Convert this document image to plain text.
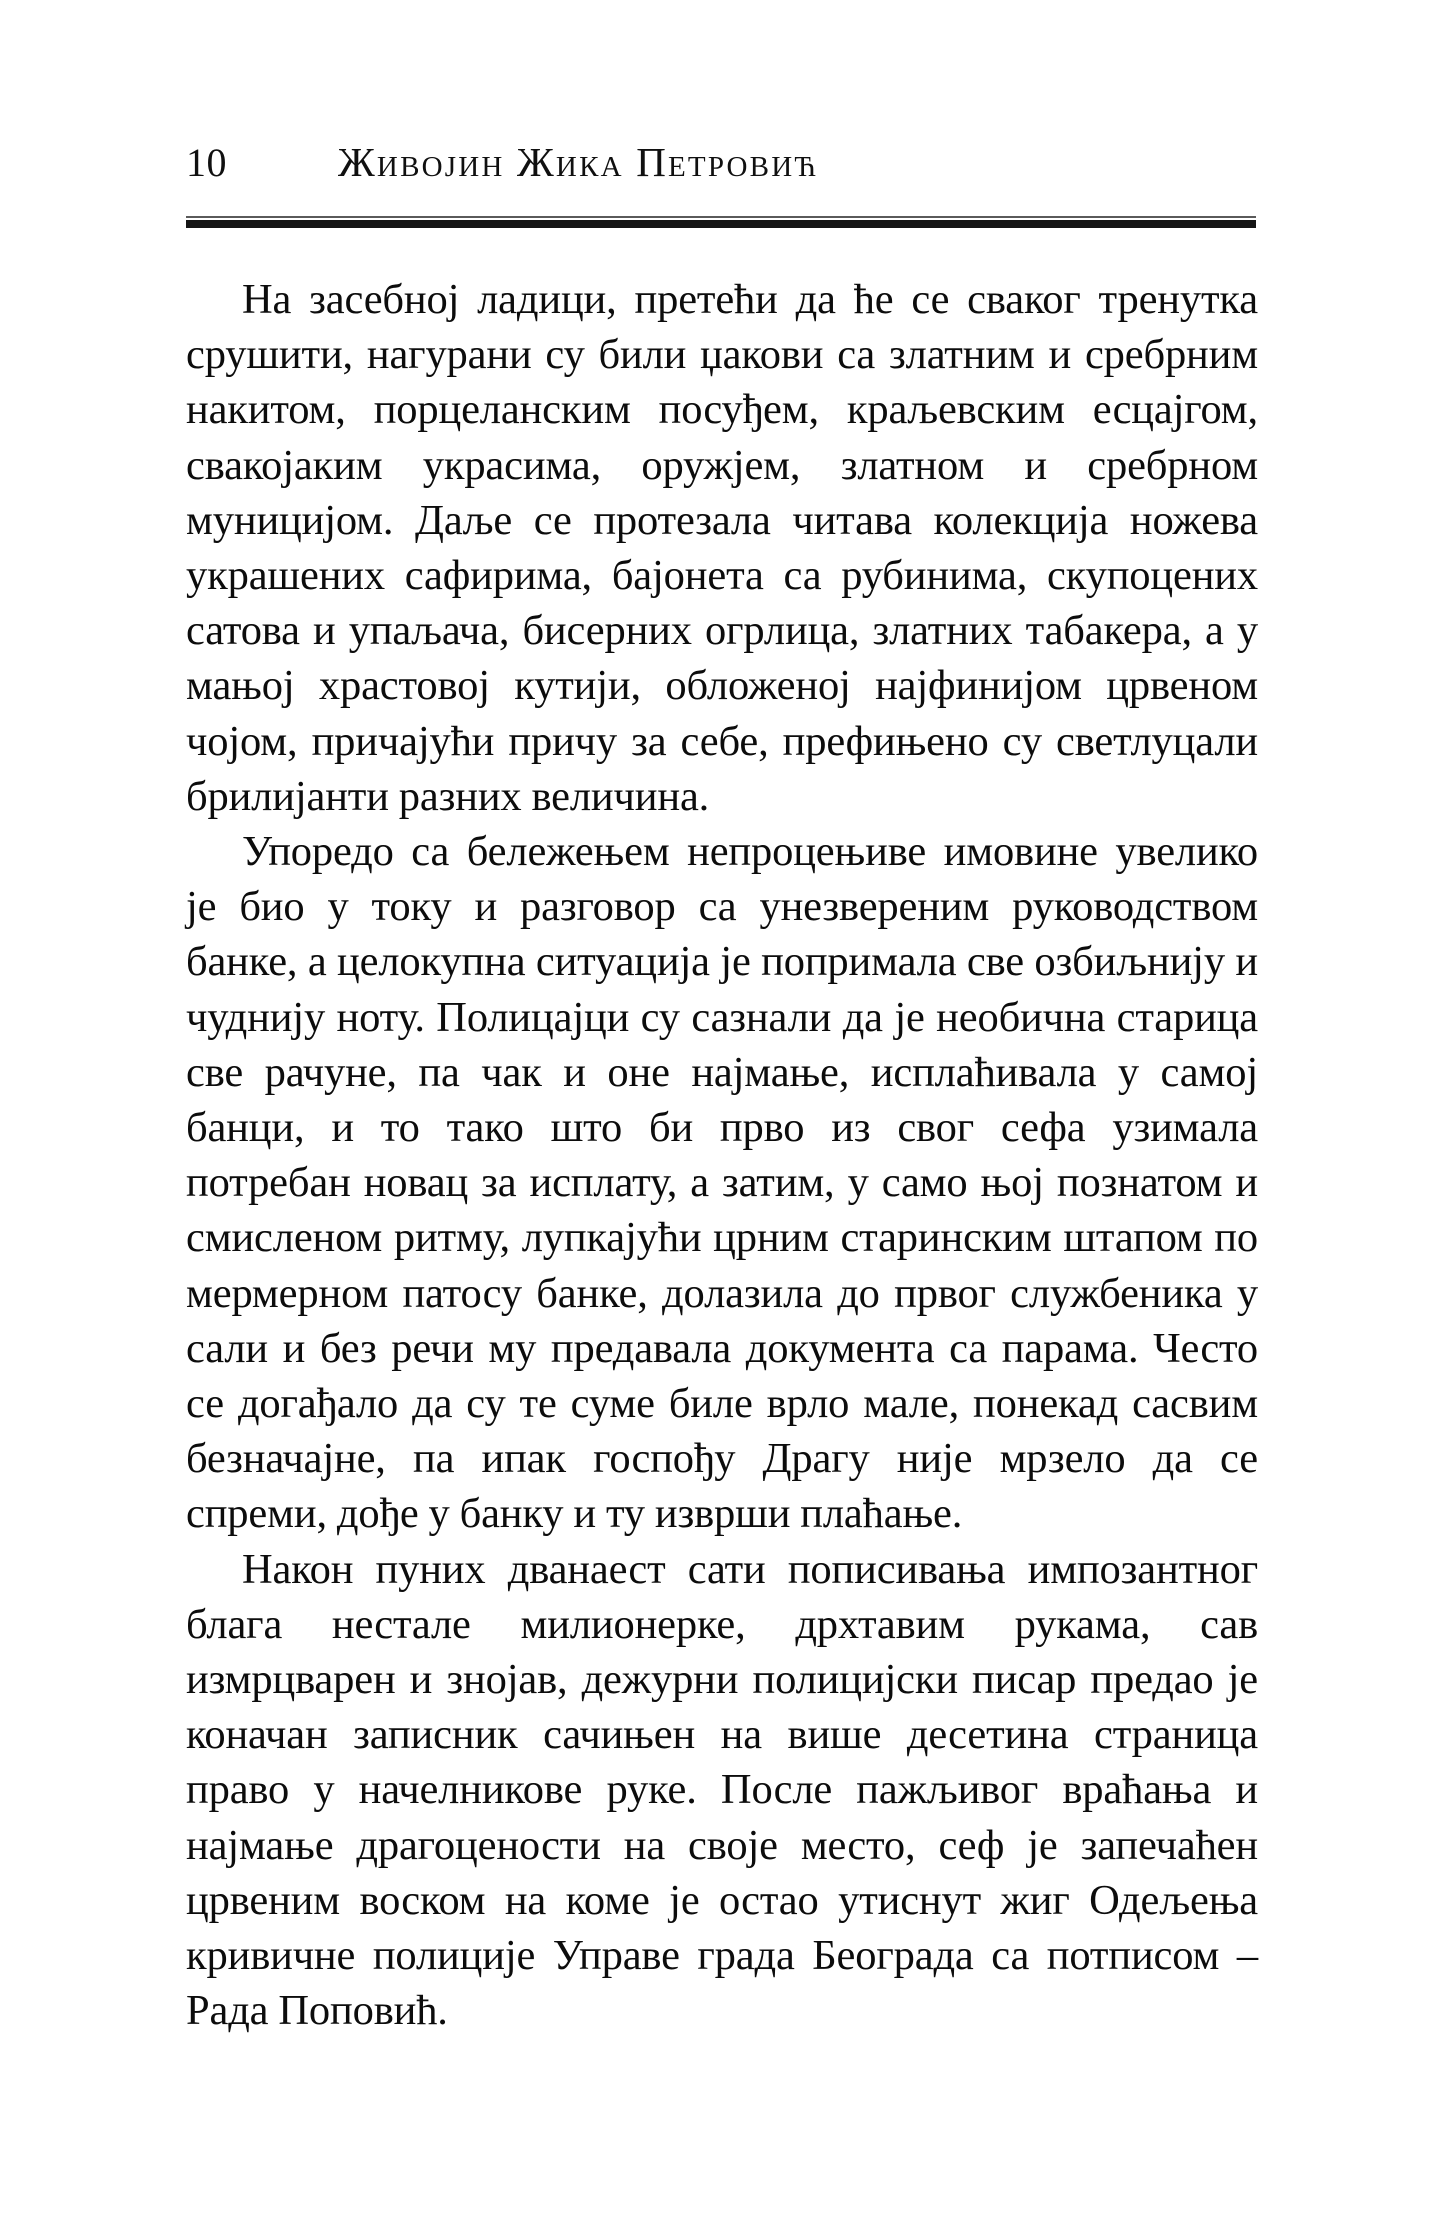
10	Живојин Жика Петровић

На засебној ладици, претећи да ће се сваког тренутка срушити, нагурани су били џакови са златним и сребрним накитом, порцеланским посуђем, краљевским есцајгом, свакојаким украсима, оружјем, златном и сребрном муницијом. Даље се протезала читава колекција ножева украшених сафирима, бајонета са рубинима, скупоцених сатова и упаљача, бисерних огрлица, златних табакера, а у мањој храстовој кутији, обложеној најфинијом црвеном чојом, причајући причу за себе, префињено су светлуцали брилијанти разних величина.

Упоредо са бележењем непроцењиве имовине увелико је био у току и разговор са унезвереним руководством банке, а целокупна ситуација је попримала све озбиљнију и чуднију ноту. Полицајци су сазнали да је необична старица све рачуне, па чак и оне најмање, исплаћивала у самој банци, и то тако што би прво из свог сефа узимала потребан новац за исплату, а затим, у само њој познатом и смисленом ритму, лупкајући црним старинским штапом по мермерном патосу банке, долазила до првог службеника у сали и без речи му предавала документа са парама. Често се догађало да су те суме биле врло мале, понекад сасвим безначајне, па ипак госпођу Драгу није мрзело да се спреми, дође у банку и ту изврши плаћање.

Након пуних дванаест сати пописивања импозантног блага нестале милионерке, дрхтавим рукама, сав измрцварен и знојав, дежурни полицијски писар предао је коначан записник сачињен на више десетина страница право у начелникове руке. После пажљивог враћања и најмање драгоцености на своје место, сеф је запечаћен црвеним воском на коме је остао утиснут жиг Одељења кривичне полиције Управе града Београда са потписом – Рада Поповић.
